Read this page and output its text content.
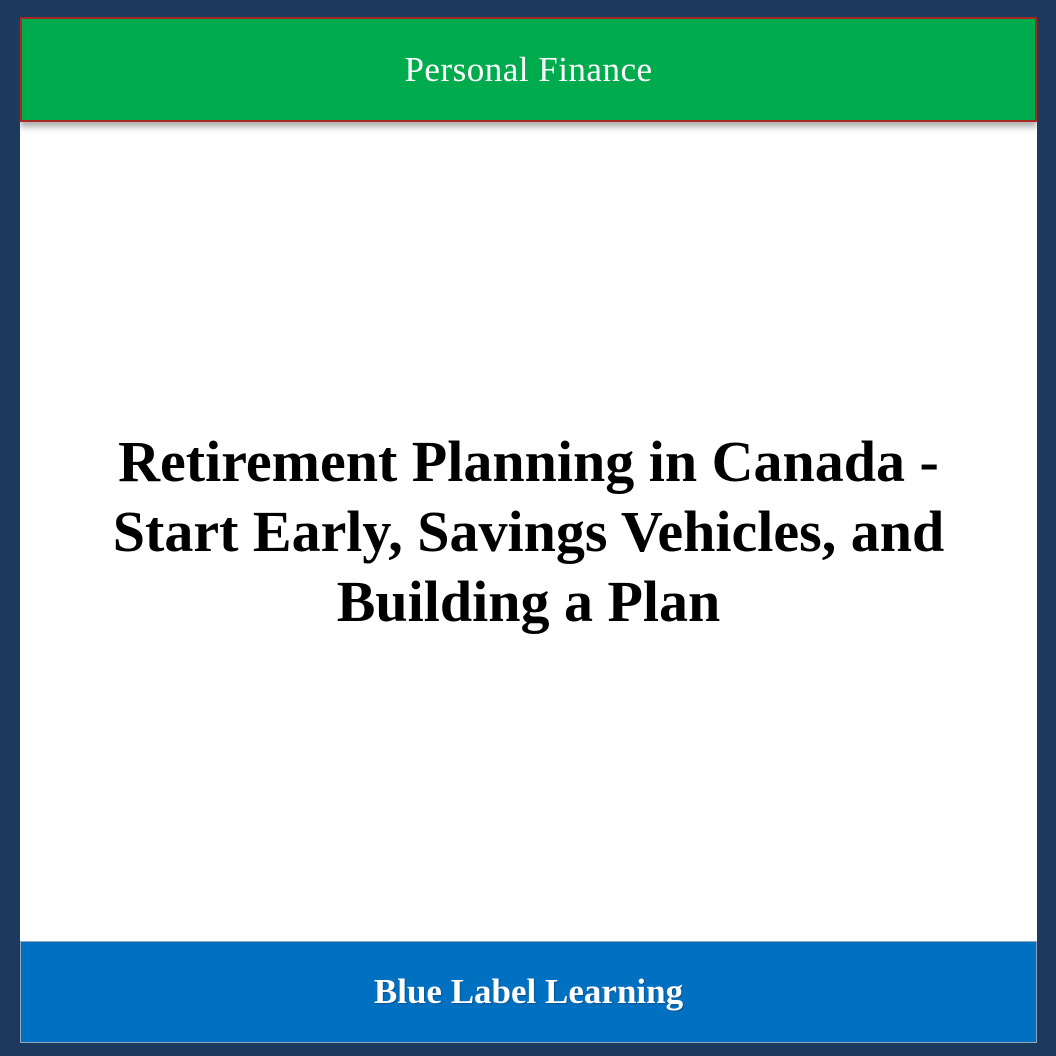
Personal Finance
Retirement Planning in Canada -
Start Early, Savings Vehicles, and
Building a Plan
Blue Label Learning
